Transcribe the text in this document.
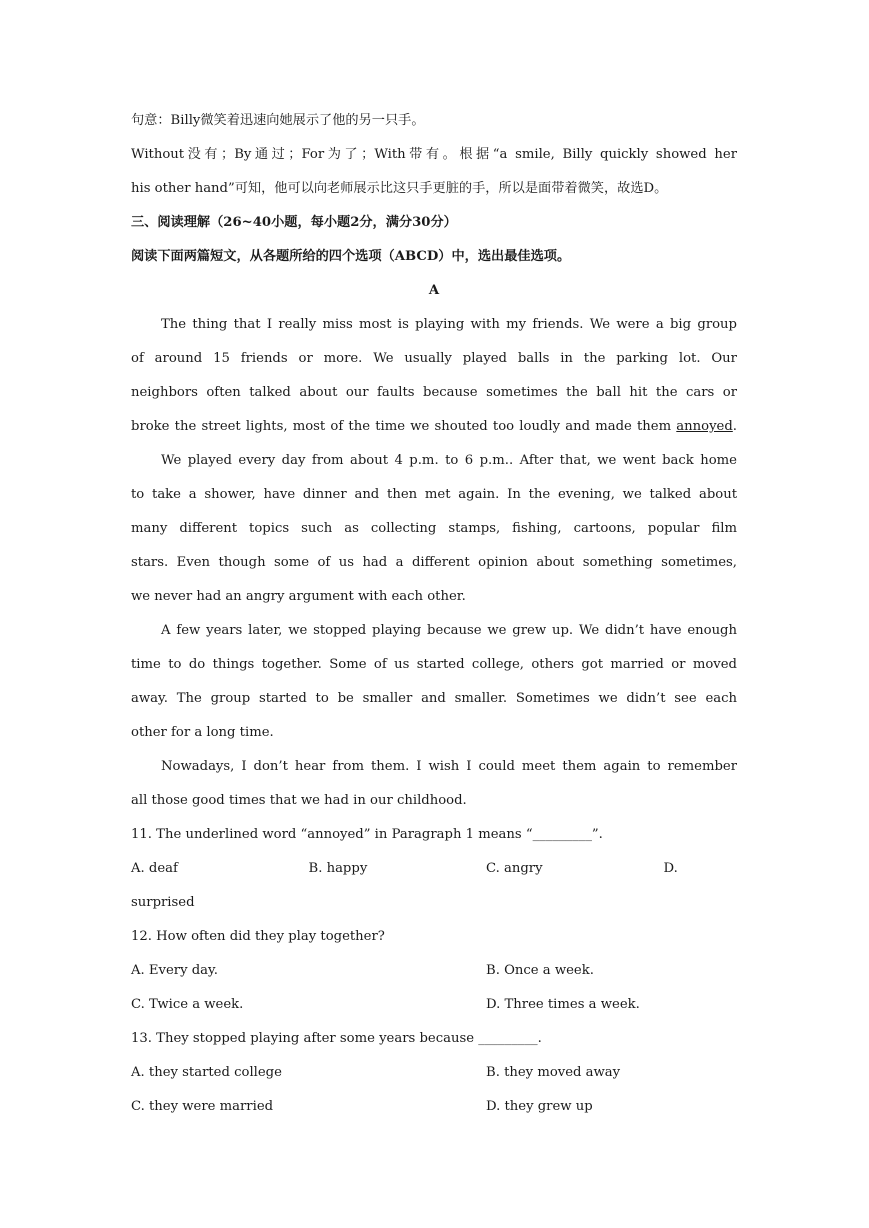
句意：Billy微笑着迅速向她展示了他的另一只手。
Without没有；By通过；For为了；With带有。根据“a smile, Billy quickly showed her
his other hand”可知，他可以向老师展示比这只手更脏的手，所以是面带着微笑，故选D。
三、阅读理解（26~40小题，每小题2分，满分30分）
阅读下面两篇短文，从各题所给的四个选项（ABCD）中，选出最佳选项。
A
The thing that I really miss most is playing with my friends. We were a big group
of around 15 friends or more. We usually played balls in the parking lot. Our
neighbors often talked about our faults because sometimes the ball hit the cars or
broke the street lights, most of the time we shouted too loudly and made them annoyed.
We played every day from about 4 p.m. to 6 p.m.. After that, we went back home
to take a shower, have dinner and then met again. In the evening, we talked about
many different topics such as collecting stamps, fishing, cartoons, popular film
stars. Even though some of us had a different opinion about something sometimes,
we never had an angry argument with each other.
A few years later, we stopped playing because we grew up. We didn’t have enough
time to do things together. Some of us started college, others got married or moved
away. The group started to be smaller and smaller. Sometimes we didn’t see each
other for a long time.
Nowadays, I don’t hear from them. I wish I could meet them again to remember
all those good times that we had in our childhood.
11. The underlined word “annoyed” in Paragraph 1 means “_________”.
A. deaf	B. happy	C. angry	D.
surprised
12. How often did they play together?
A. Every day.	B. Once a week.
C. Twice a week.	D. Three times a week.
13. They stopped playing after some years because _________.
A. they started college	B. they moved away
C. they were married	D. they grew up
